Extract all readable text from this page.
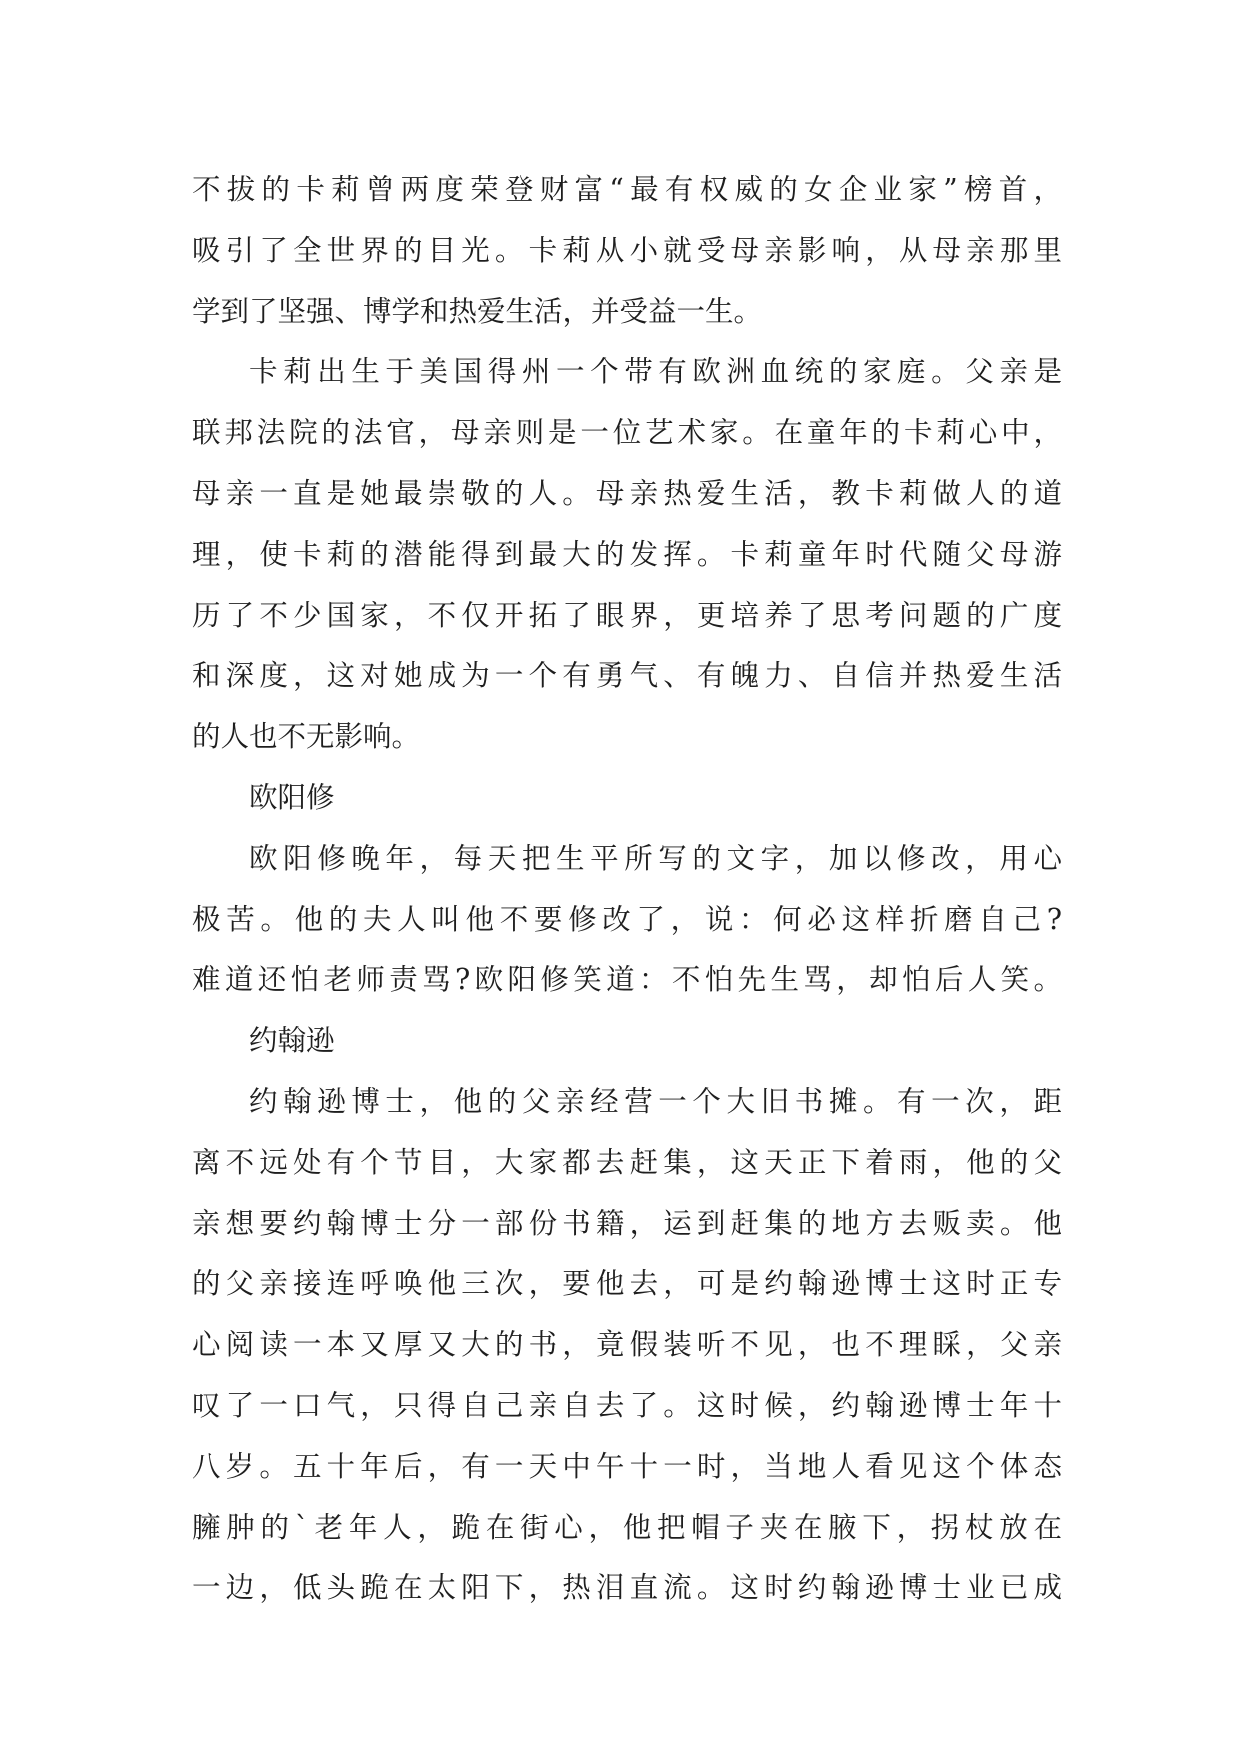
不拔的卡莉曾两度荣登财富“最有权威的女企业家”榜首，
吸引了全世界的目光。卡莉从小就受母亲影响，从母亲那里
学到了坚强、博学和热爱生活，并受益一生。

卡莉出生于美国得州一个带有欧洲血统的家庭。父亲是
联邦法院的法官，母亲则是一位艺术家。在童年的卡莉心中，
母亲一直是她最崇敬的人。母亲热爱生活，教卡莉做人的道
理，使卡莉的潜能得到最大的发挥。卡莉童年时代随父母游
历了不少国家，不仅开拓了眼界，更培养了思考问题的广度
和深度，这对她成为一个有勇气、有魄力、自信并热爱生活
的人也不无影响。

欧阳修

欧阳修晚年，每天把生平所写的文字，加以修改，用心
极苦。他的夫人叫他不要修改了，说：何必这样折磨自己?
难道还怕老师责骂?欧阳修笑道：不怕先生骂，却怕后人笑。

约翰逊

约翰逊博士，他的父亲经营一个大旧书摊。有一次，距
离不远处有个节目，大家都去赶集，这天正下着雨，他的父
亲想要约翰博士分一部份书籍，运到赶集的地方去贩卖。他
的父亲接连呼唤他三次，要他去，可是约翰逊博士这时正专
心阅读一本又厚又大的书，竟假装听不见，也不理睬，父亲
叹了一口气，只得自己亲自去了。这时候，约翰逊博士年十
八岁。五十年后，有一天中午十一时，当地人看见这个体态
臃肿的`老年人，跪在街心，他把帽子夹在腋下，拐杖放在
一边，低头跪在太阳下，热泪直流。这时约翰逊博士业已成
